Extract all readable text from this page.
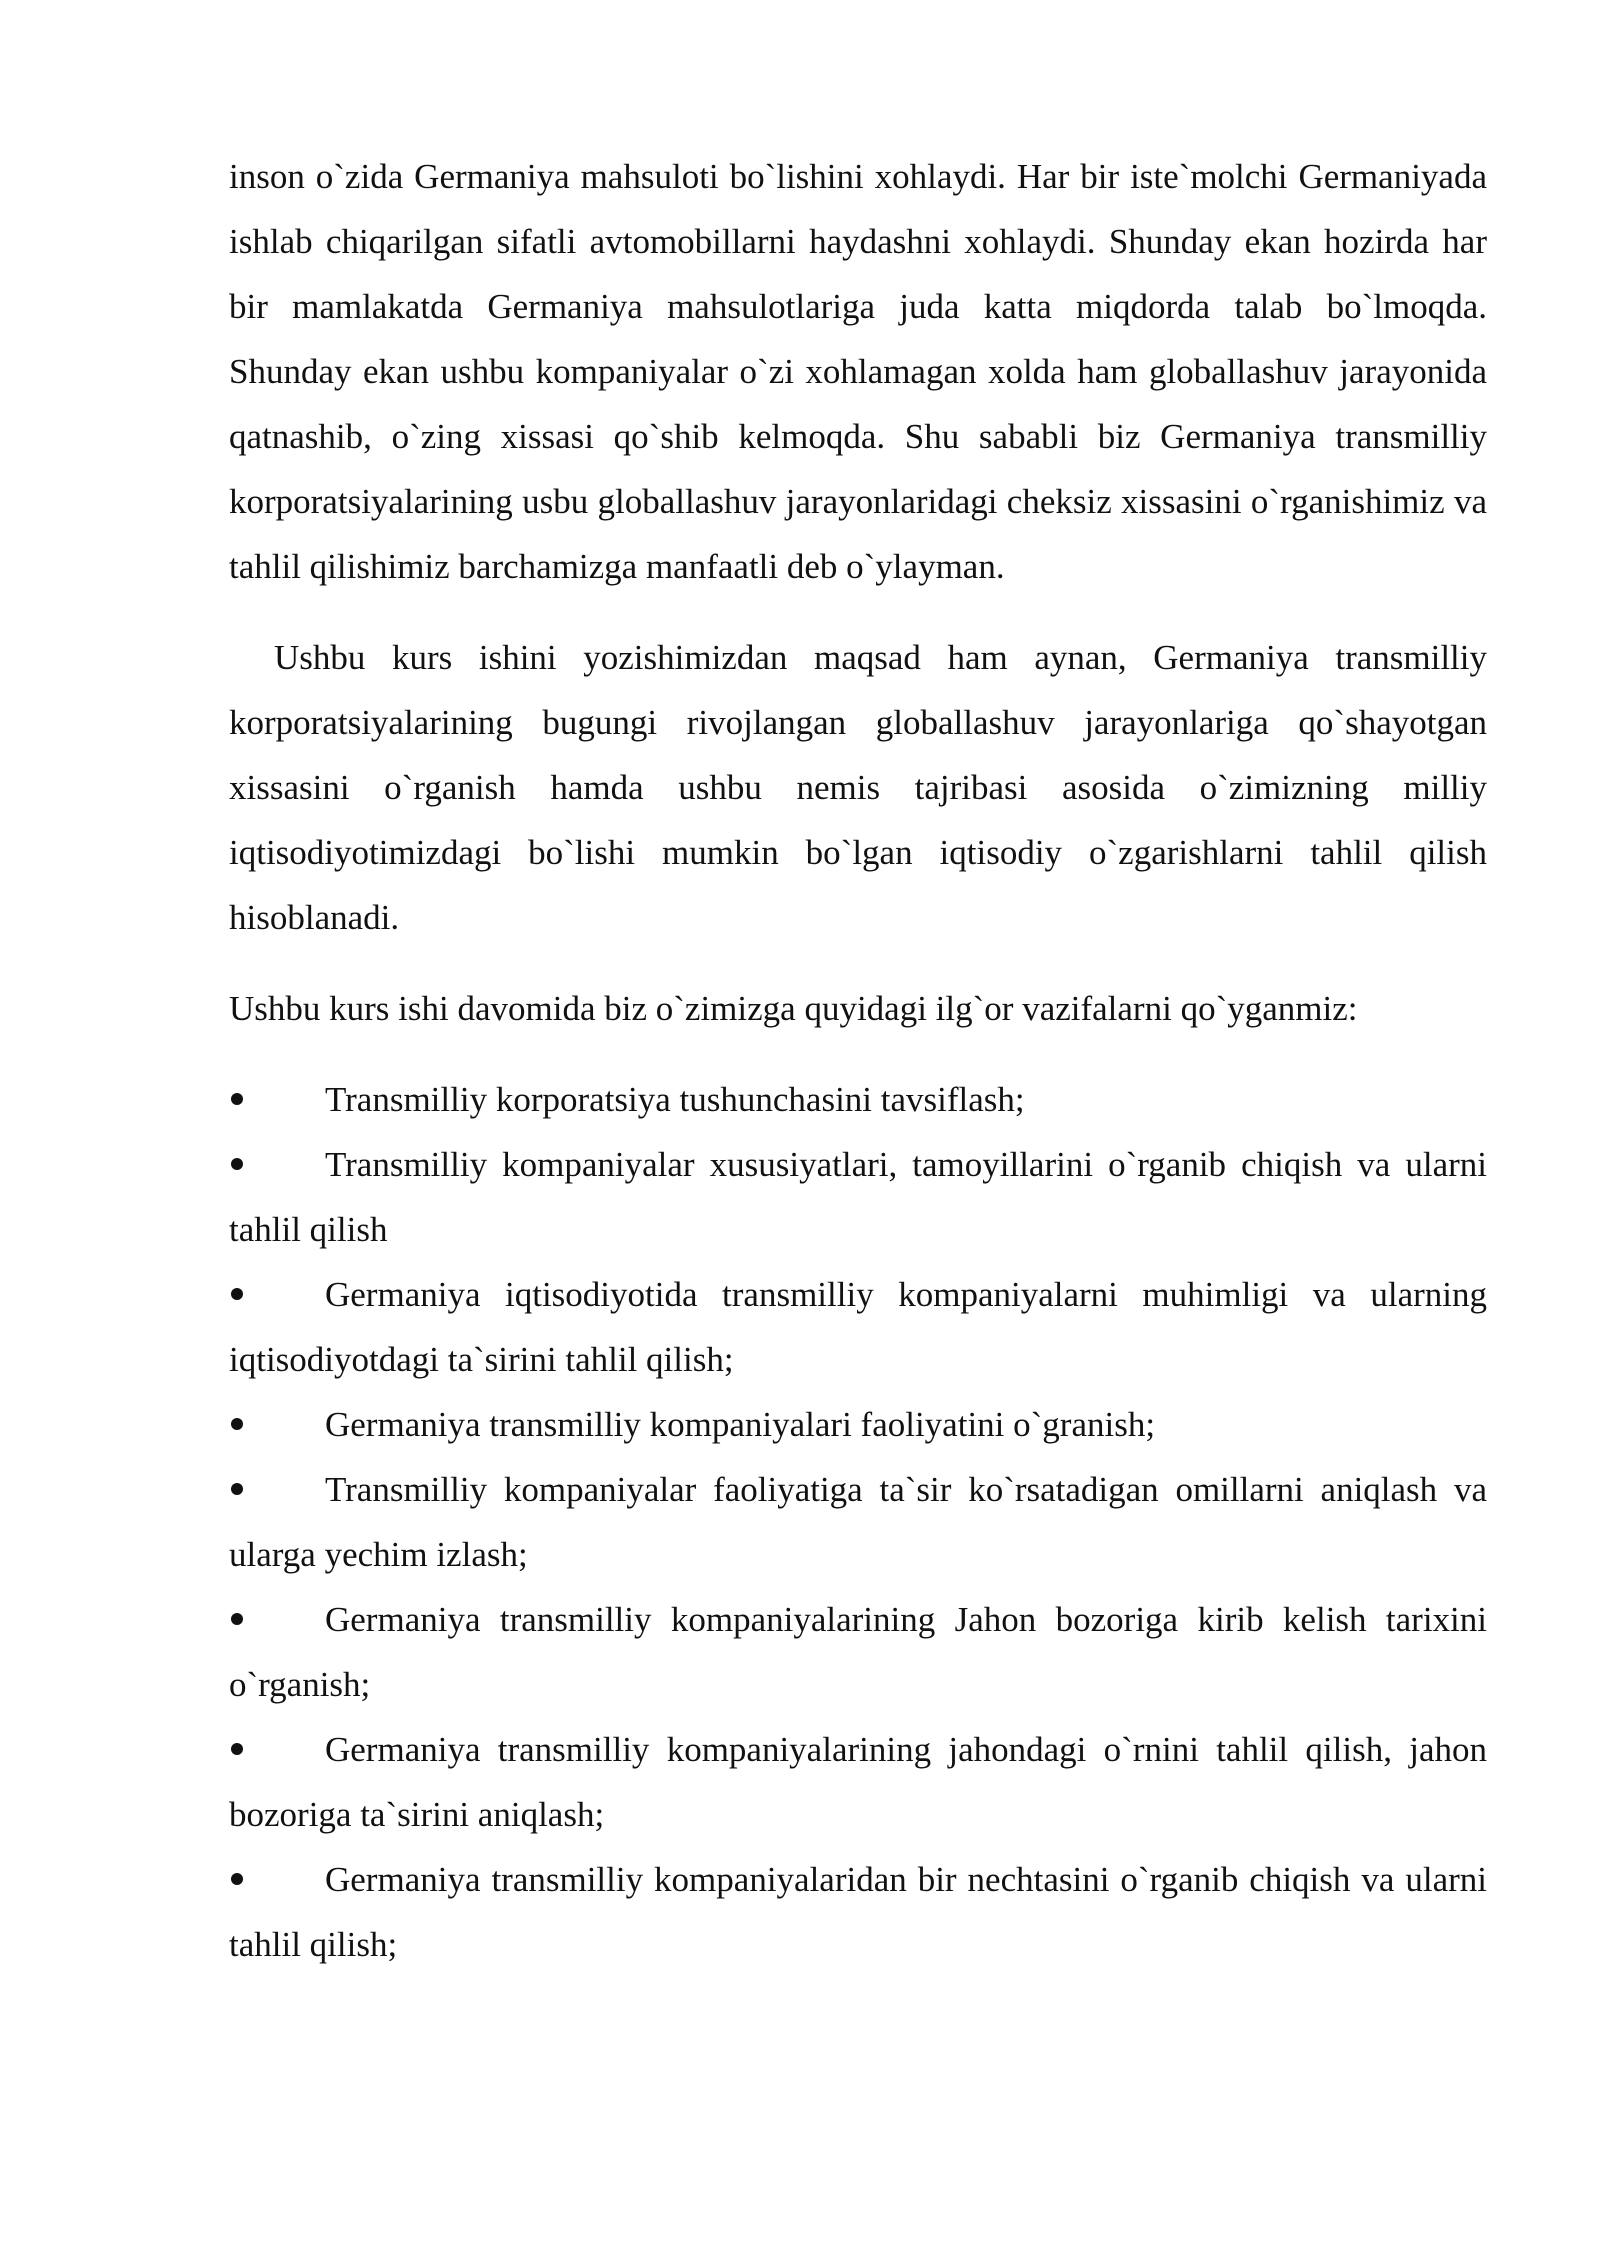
inson o`zida Germaniya mahsuloti bo`lishini xohlaydi. Har bir iste`molchi Germaniyada ishlab chiqarilgan sifatli avtomobillarni haydashni xohlaydi. Shunday ekan hozirda har bir mamlakatda Germaniya mahsulotlariga juda katta miqdorda talab bo`lmoqda. Shunday ekan ushbu kompaniyalar o`zi xohlamagan xolda ham globallashuv jarayonida qatnashib, o`zing xissasi qo`shib kelmoqda. Shu sababli biz Germaniya transmilliy korporatsiyalarining usbu globallashuv jarayonlaridagi cheksiz xissasini o`rganishimiz va tahlil qilishimiz barchamizga manfaatli deb o`ylayman.

Ushbu kurs ishini yozishimizdan maqsad ham aynan, Germaniya transmilliy korporatsiyalarining bugungi rivojlangan globallashuv jarayonlariga qo`shayotgan xissasini o`rganish hamda ushbu nemis tajribasi asosida o`zimizning milliy iqtisodiyotimizdagi bo`lishi mumkin bo`lgan iqtisodiy o`zgarishlarni tahlil qilish hisoblanadi.

Ushbu kurs ishi davomida biz o`zimizga quyidagi ilg`or vazifalarni qo`yganmiz:

Transmilliy korporatsiya tushunchasini tavsiflash;
Transmilliy kompaniyalar xususiyatlari, tamoyillarini o`rganib chiqish va ularni tahlil qilish
Germaniya iqtisodiyotida transmilliy kompaniyalarni muhimligi va ularning iqtisodiyotdagi ta`sirini tahlil qilish;
Germaniya transmilliy kompaniyalari faoliyatini o`granish;
Transmilliy kompaniyalar faoliyatiga ta`sir ko`rsatadigan omillarni aniqlash va ularga yechim izlash;
Germaniya transmilliy kompaniyalarining Jahon bozoriga kirib kelish tarixini o`rganish;
Germaniya transmilliy kompaniyalarining jahondagi o`rnini tahlil qilish, jahon bozoriga ta`sirini aniqlash;
Germaniya transmilliy kompaniyalaridan bir nechtasini o`rganib chiqish va ularni tahlil qilish;
